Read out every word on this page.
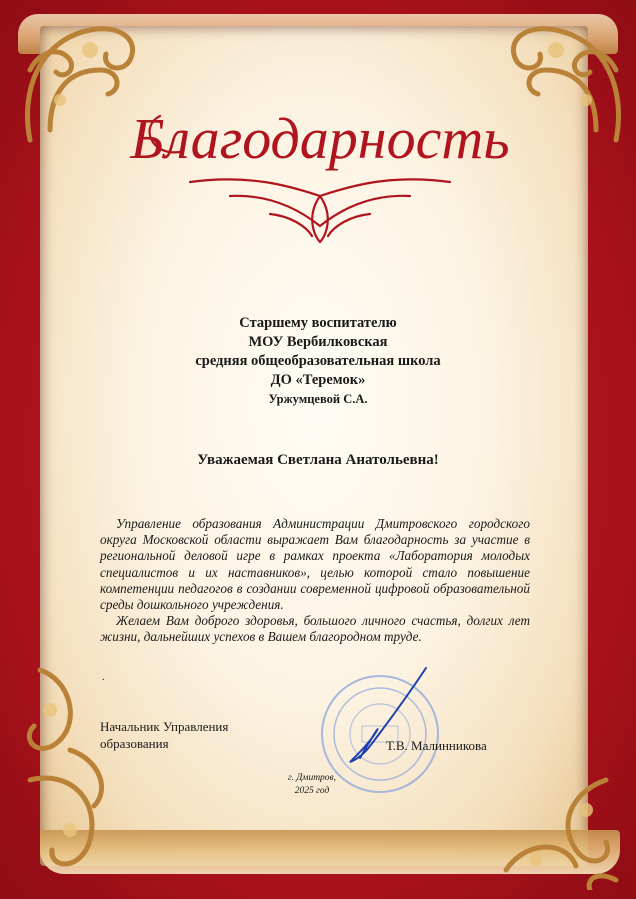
Благодарность
Старшему воспитателю
МОУ Вербилковская
средняя общеобразовательная школа
ДО «Теремок»
Уржумцевой С.А.
Уважаемая Светлана Анатольевна!

Управление образования Администрации Дмитровского городского округа Московской области выражает Вам благодарность за участие в региональной деловой игре в рамках проекта «Лаборатория молодых специалистов и их наставников», целью которой стало повышение компетенции педагогов в создании современной цифровой образовательной среды дошкольного учреждения.

Желаем Вам доброго здоровья, большого личного счастья, долгих лет жизни, дальнейших успехов в Вашем благородном труде.

.
Начальник Управления
образования	Т.В. Малинникова
г. Дмитров,
2025 год
